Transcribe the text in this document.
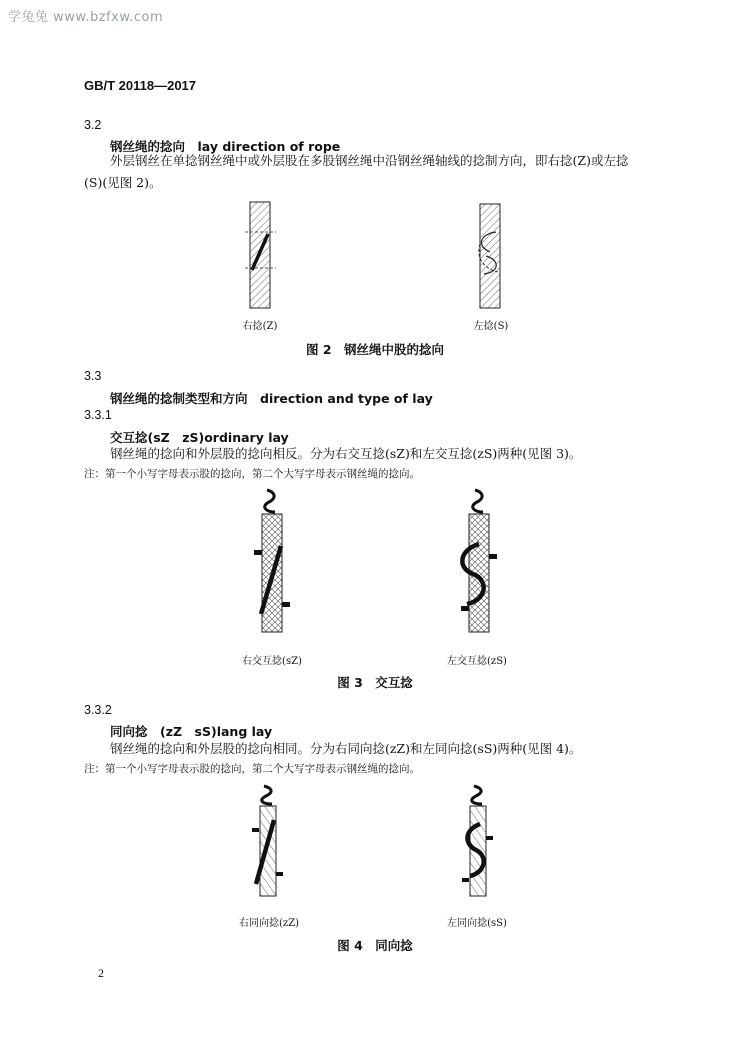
学兔兔 www.bzfxw.com
GB/T 20118—2017
3.2
钢丝绳的捻向　lay direction of rope
外层钢丝在单捻钢丝绳中或外层股在多股钢丝绳中沿钢丝绳轴线的捻制方向，即右捻(Z)或左捻
(S)(见图 2)。
右捻(Z)	左捻(S)
图 2　钢丝绳中股的捻向
3.3
钢丝绳的捻制类型和方向　direction and type of lay
3.3.1
交互捻(sZ　zS)ordinary lay
钢丝绳的捻向和外层股的捻向相反。分为右交互捻(sZ)和左交互捻(zS)两种(见图 3)。
注：第一个小写字母表示股的捻向，第二个大写字母表示钢丝绳的捻向。
右交互捻(sZ)	左交互捻(zS)
图 3　交互捻
3.3.2
同向捻　(zZ　sS)lang lay
钢丝绳的捻向和外层股的捻向相同。分为右同向捻(zZ)和左同向捻(sS)两种(见图 4)。
注：第一个小写字母表示股的捻向，第二个大写字母表示钢丝绳的捻向。
右同向捻(zZ)	左同向捻(sS)
图 4　同向捻
2
